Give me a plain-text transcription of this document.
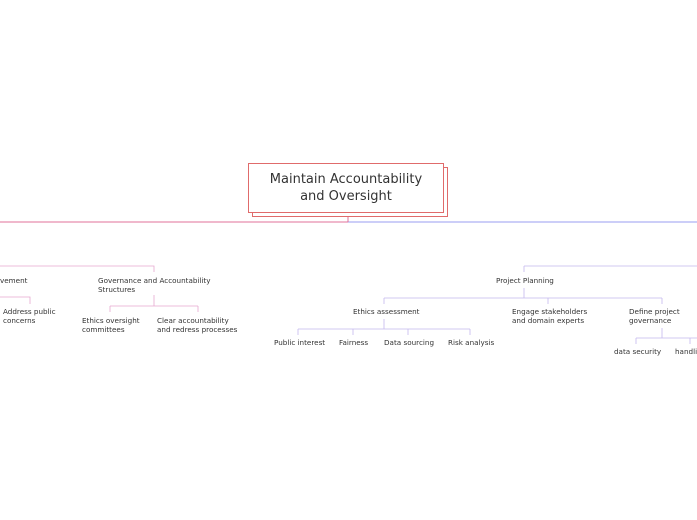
Maintain Accountability
and Oversight
vement
Address public
concerns
Governance and Accountability
Structures
Ethics oversight
committees
Clear accountability
and redress processes
Project Planning
Ethics assessment	Engage stakeholders
and domain experts
Define project
governance
Public interest Fairness Data sourcing Risk analysis
data security handli
